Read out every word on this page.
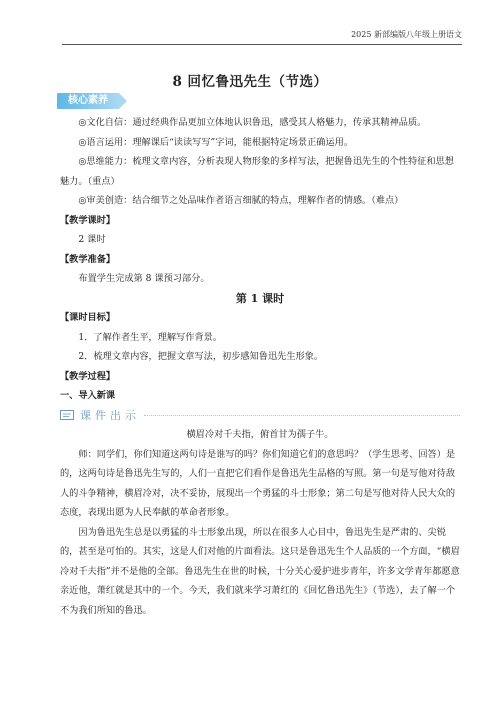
2025 新部编版八年级上册语文
8 回忆鲁迅先生（节选）
核心素养

◎文化自信：通过经典作品更加立体地认识鲁迅，感受其人格魅力，传承其精神品质。

◎语言运用：理解课后“读读写写”字词，能根据特定场景正确运用。

◎思维能力：梳理文章内容，分析表现人物形象的多样写法，把握鲁迅先生的个性特征和思想魅力。（重点）

◎审美创造：结合细节之处品味作者语言细腻的特点，理解作者的情感。（难点）

【教学课时】

2 课时

【教学准备】

布置学生完成第 8 课预习部分。

第 1 课时

【课时目标】

1．了解作者生平，理解写作背景。

2．梳理文章内容，把握文章写法，初步感知鲁迅先生形象。

【教学过程】

一、导入新课

课件出示

横眉冷对千夫指，俯首甘为孺子牛。

师：同学们，你们知道这两句诗是谁写的吗？你们知道它们的意思吗？（学生思考、回答）是的，这两句诗是鲁迅先生写的，人们一直把它们看作是鲁迅先生品格的写照。第一句是写他对待敌人的斗争精神，横眉冷对，决不妥协，展现出一个勇猛的斗士形象；第二句是写他对待人民大众的态度，表现出愿为人民奉献的革命者形象。

因为鲁迅先生总是以勇猛的斗士形象出现，所以在很多人心目中，鲁迅先生是严肃的、尖锐的，甚至是可怕的。其实，这是人们对他的片面看法。这只是鲁迅先生个人品质的一个方面，“横眉冷对千夫指”并不是他的全部。鲁迅先生在世的时候，十分关心爱护进步青年，许多文学青年都愿意亲近他，萧红就是其中的一个。今天，我们就来学习萧红的《回忆鲁迅先生》（节选），去了解一个不为我们所知的鲁迅。
